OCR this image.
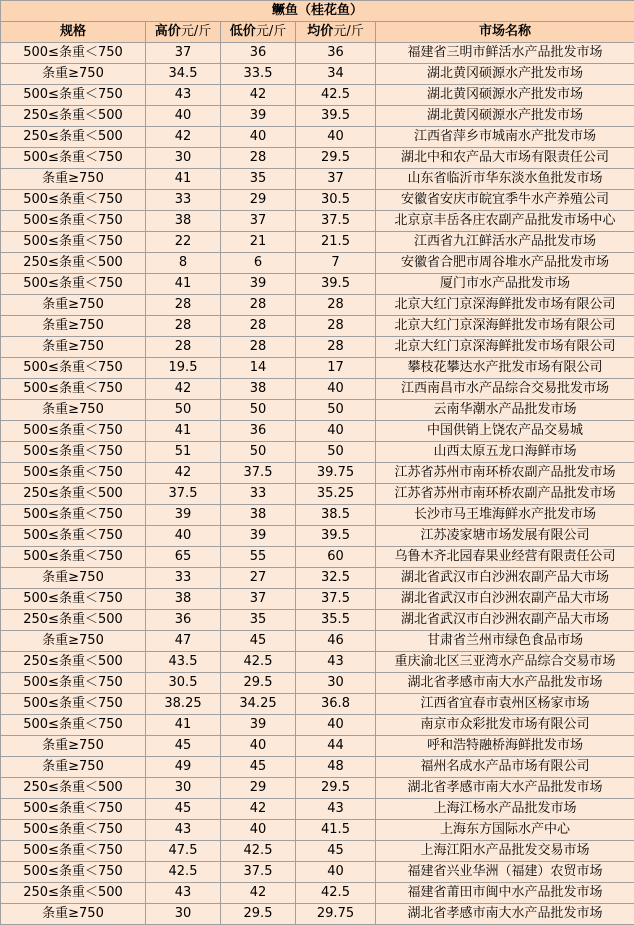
鳜鱼（桂花鱼）				
规格	高价元/斤	低价元/斤	均价元/斤	市场名称
500≤条重＜750	37	36	36	福建省三明市鲜活水产品批发市场
条重≥750	34.5	33.5	34	湖北黄冈硕源水产批发市场
500≤条重＜750	43	42	42.5	湖北黄冈硕源水产批发市场
250≤条重＜500	40	39	39.5	湖北黄冈硕源水产批发市场
250≤条重＜500	42	40	40	江西省萍乡市城南水产批发市场
500≤条重＜750	30	28	29.5	湖北中和农产品大市场有限责任公司
条重≥750	41	35	37	山东省临沂市华东淡水鱼批发市场
500≤条重＜750	33	29	30.5	安徽省安庆市皖宜季牛水产养殖公司
500≤条重＜750	38	37	37.5	北京京丰岳各庄农副产品批发市场中心
500≤条重＜750	22	21	21.5	江西省九江鲜活水产品批发市场
250≤条重＜500	8	6	7	安徽省合肥市周谷堆水产品批发市场
500≤条重＜750	41	39	39.5	厦门市水产品批发市场
条重≥750	28	28	28	北京大红门京深海鲜批发市场有限公司
条重≥750	28	28	28	北京大红门京深海鲜批发市场有限公司
条重≥750	28	28	28	北京大红门京深海鲜批发市场有限公司
500≤条重＜750	19.5	14	17	攀枝花攀达水产批发市场有限公司
500≤条重＜750	42	38	40	江西南昌市水产品综合交易批发市场
条重≥750	50	50	50	云南华潮水产品批发市场
500≤条重＜750	41	36	40	中国供销上饶农产品交易城
500≤条重＜750	51	50	50	山西太原五龙口海鲜市场
500≤条重＜750	42	37.5	39.75	江苏省苏州市南环桥农副产品批发市场
250≤条重＜500	37.5	33	35.25	江苏省苏州市南环桥农副产品批发市场
500≤条重＜750	39	38	38.5	长沙市马王堆海鲜水产批发市场
500≤条重＜750	40	39	39.5	江苏凌家塘市场发展有限公司
500≤条重＜750	65	55	60	乌鲁木齐北园春果业经营有限责任公司
条重≥750	33	27	32.5	湖北省武汉市白沙洲农副产品大市场
500≤条重＜750	38	37	37.5	湖北省武汉市白沙洲农副产品大市场
250≤条重＜500	36	35	35.5	湖北省武汉市白沙洲农副产品大市场
条重≥750	47	45	46	甘肃省兰州市绿色食品市场
250≤条重＜500	43.5	42.5	43	重庆渝北区三亚湾水产品综合交易市场
500≤条重＜750	30.5	29.5	30	湖北省孝感市南大水产品批发市场
500≤条重＜750	38.25	34.25	36.8	江西省宜春市袁州区杨家市场
500≤条重＜750	41	39	40	南京市众彩批发市场有限公司
条重≥750	45	40	44	呼和浩特融桥海鲜批发市场
条重≥750	49	45	48	福州名成水产品市场有限公司
250≤条重＜500	30	29	29.5	湖北省孝感市南大水产品批发市场
500≤条重＜750	45	42	43	上海江杨水产品批发市场
500≤条重＜750	43	40	41.5	上海东方国际水产中心
500≤条重＜750	47.5	42.5	45	上海江阳水产品批发交易市场
500≤条重＜750	42.5	37.5	40	福建省兴业华洲（福建）农贸市场
250≤条重＜500	43	42	42.5	福建省莆田市闽中水产品批发市场
条重≥750	30	29.5	29.75	湖北省孝感市南大水产品批发市场
